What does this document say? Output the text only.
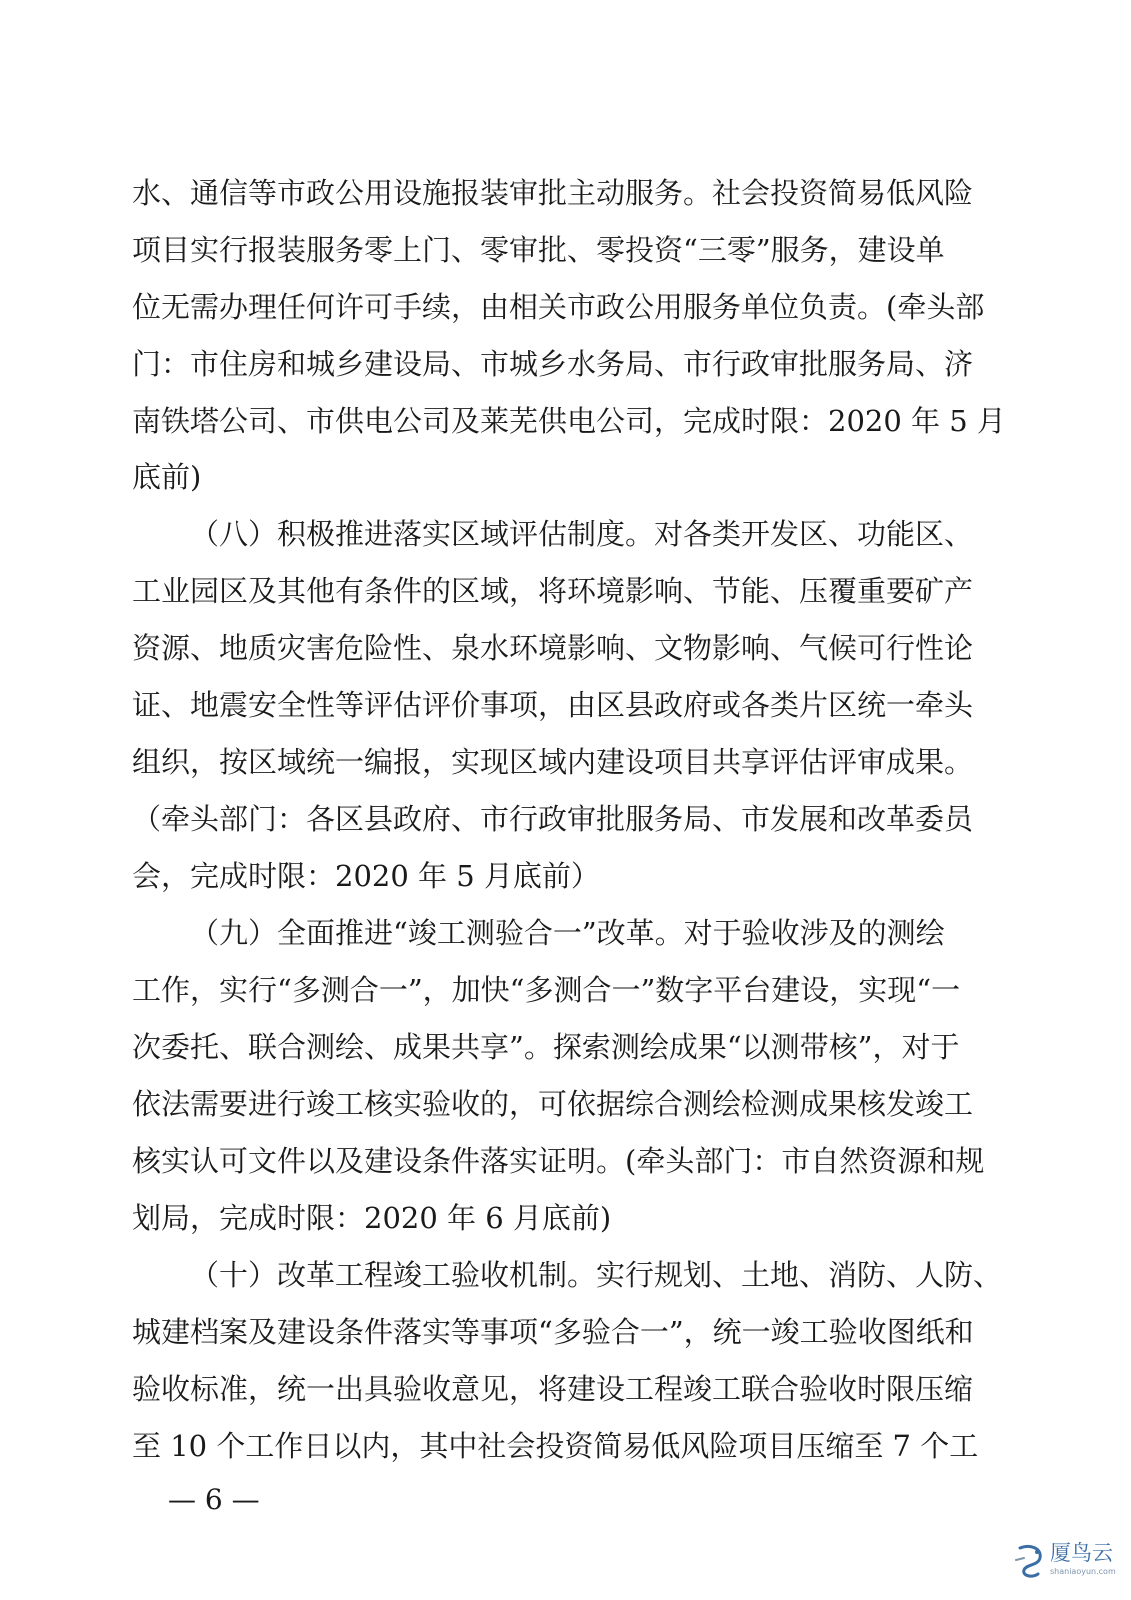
水、通信等市政公用设施报装审批主动服务。社会投资简易低风险
项目实行报装服务零上门、零审批、零投资“三零”服务，建设单
位无需办理任何许可手续，由相关市政公用服务单位负责。(牵头部
门：市住房和城乡建设局、市城乡水务局、市行政审批服务局、济
南铁塔公司、市供电公司及莱芜供电公司，完成时限：2020 年 5 月
底前)
（八）积极推进落实区域评估制度。对各类开发区、功能区、
工业园区及其他有条件的区域，将环境影响、节能、压覆重要矿产
资源、地质灾害危险性、泉水环境影响、文物影响、气候可行性论
证、地震安全性等评估评价事项，由区县政府或各类片区统一牵头
组织，按区域统一编报，实现区域内建设项目共享评估评审成果。
（牵头部门：各区县政府、市行政审批服务局、市发展和改革委员
会，完成时限：2020 年 5 月底前）
（九）全面推进“竣工测验合一”改革。对于验收涉及的测绘
工作，实行“多测合一”，加快“多测合一”数字平台建设，实现“一
次委托、联合测绘、成果共享”。探索测绘成果“以测带核”，对于
依法需要进行竣工核实验收的，可依据综合测绘检测成果核发竣工
核实认可文件以及建设条件落实证明。(牵头部门：市自然资源和规
划局，完成时限：2020 年 6 月底前)
（十）改革工程竣工验收机制。实行规划、土地、消防、人防、
城建档案及建设条件落实等事项“多验合一”，统一竣工验收图纸和
验收标准，统一出具验收意见，将建设工程竣工联合验收时限压缩
至 10 个工作日以内，其中社会投资简易低风险项目压缩至 7 个工
— 6 —
厦鸟云
shaniaoyun.com
